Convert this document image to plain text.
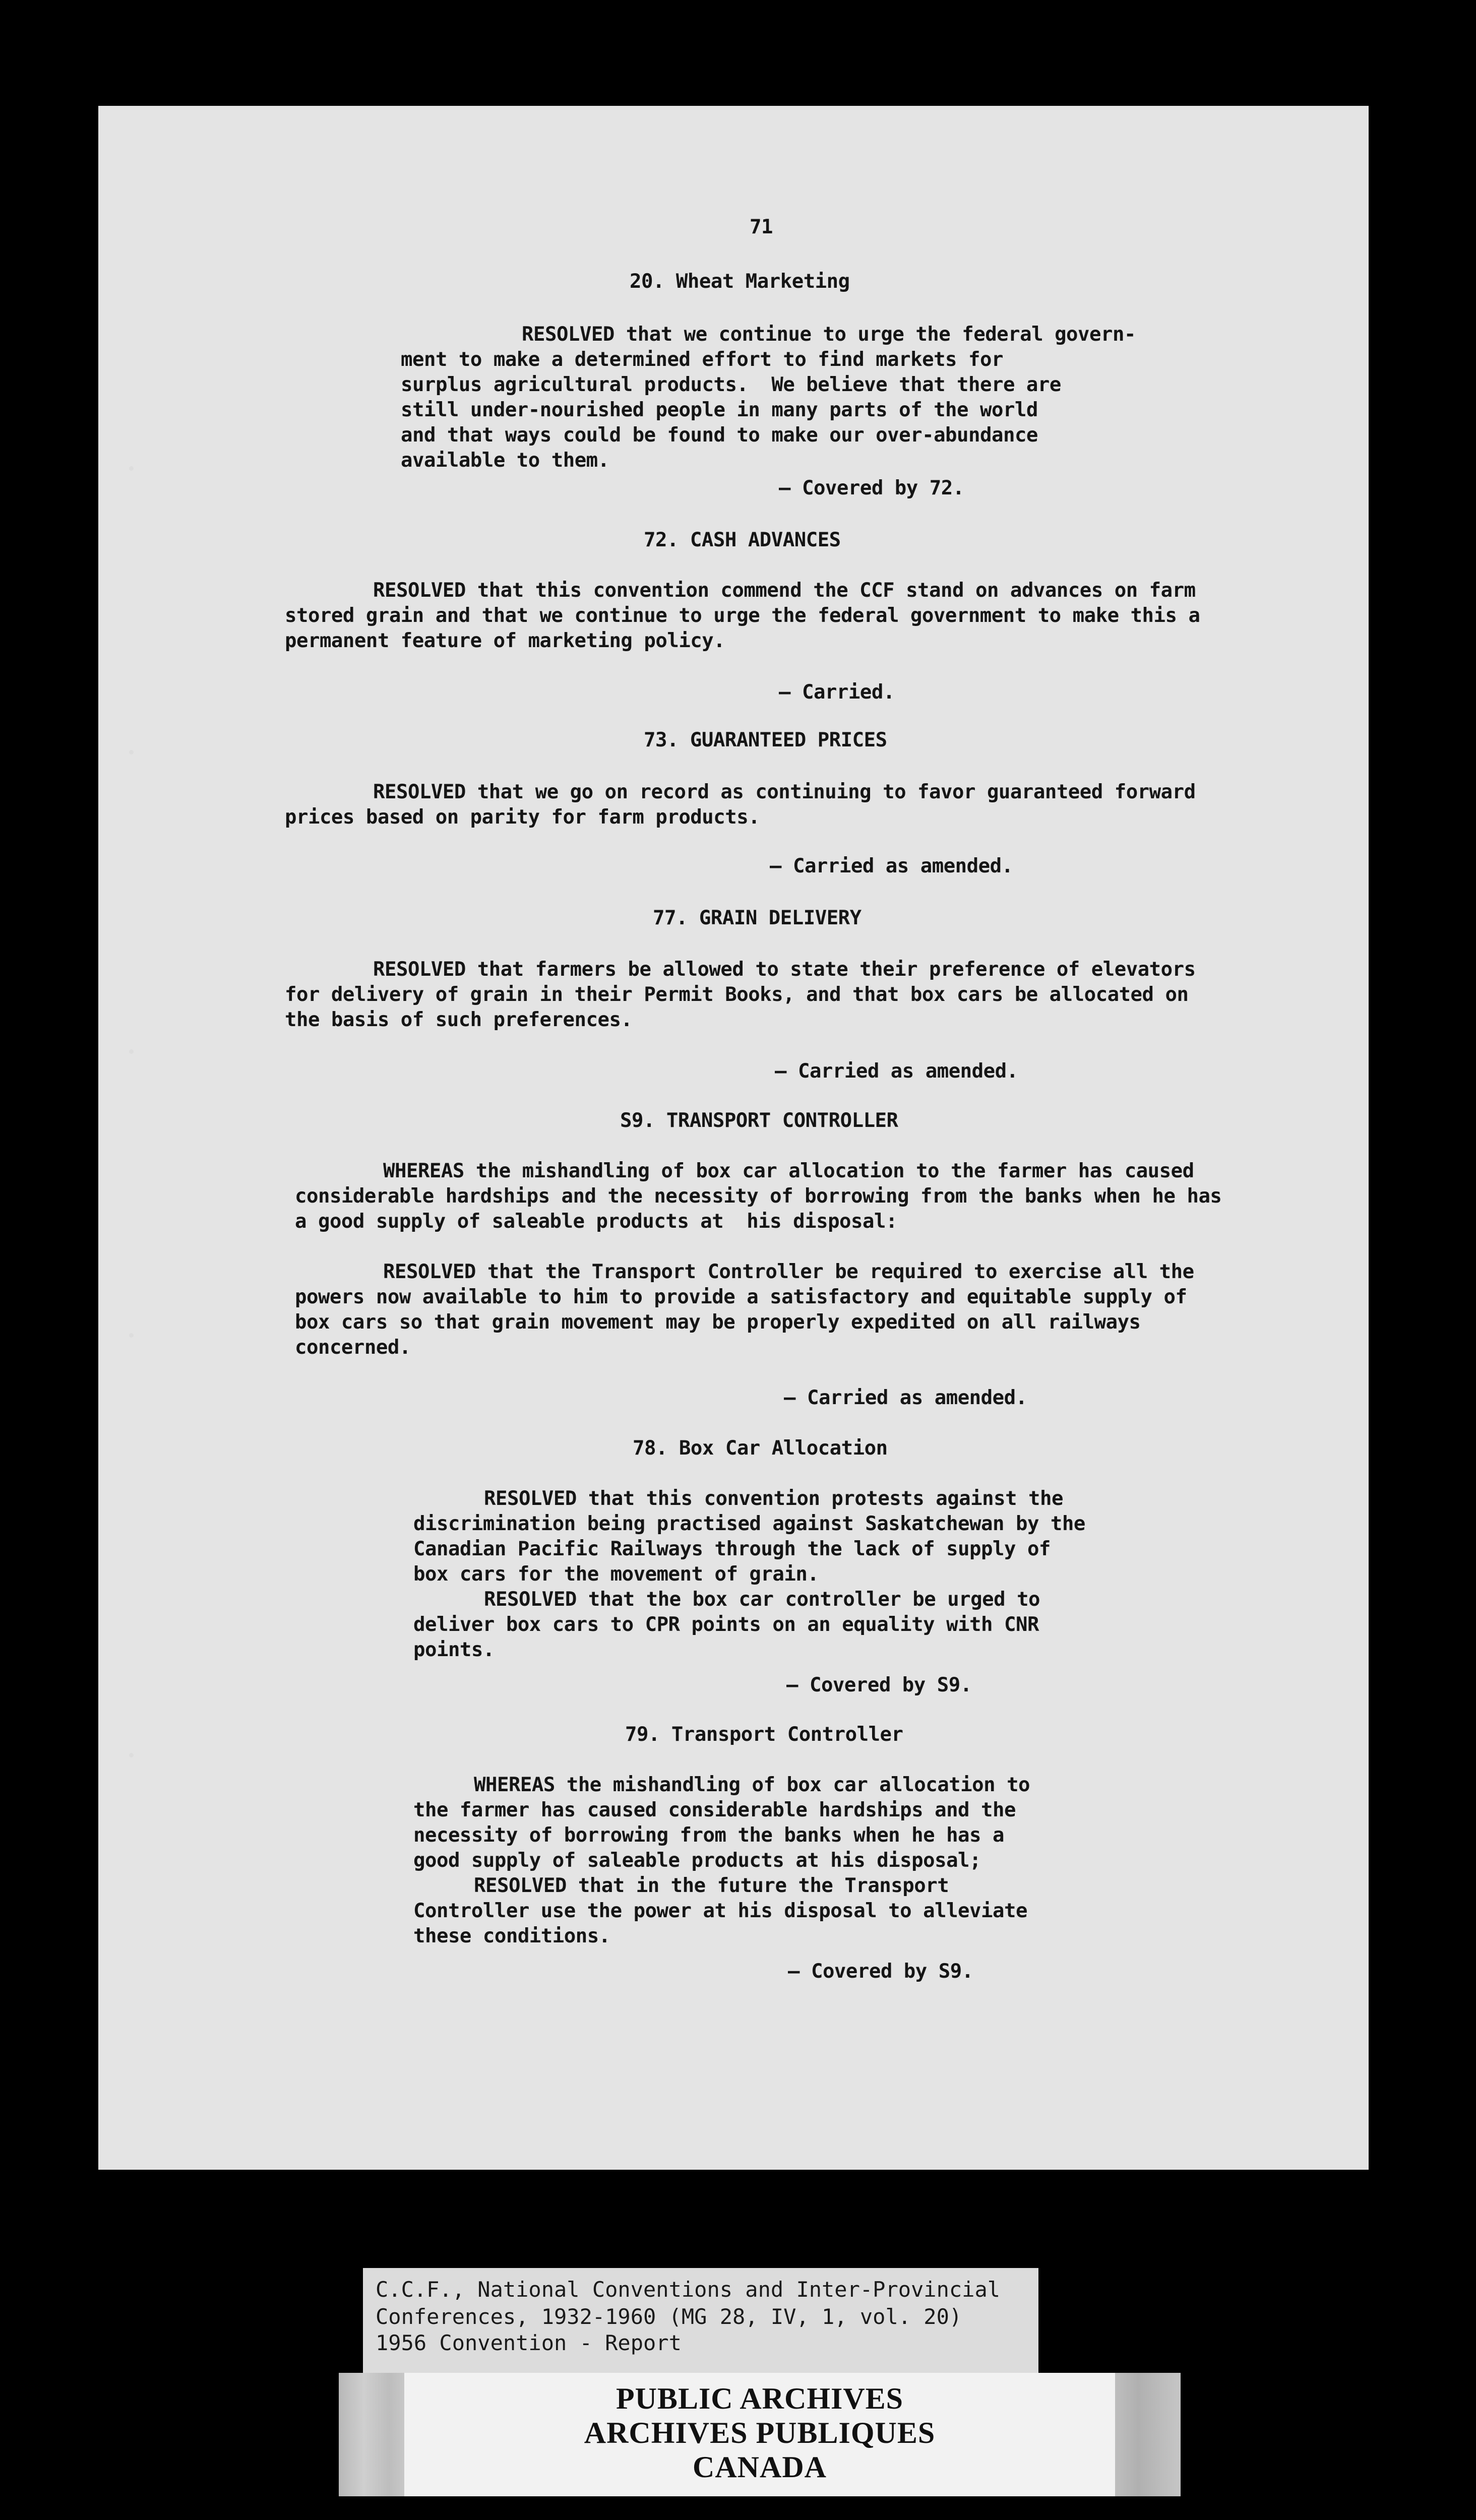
71
20. Wheat Marketing
RESOLVED that we continue to urge the federal govern-
ment to make a determined effort to find markets for
surplus agricultural products.  We believe that there are
still under-nourished people in many parts of the world
and that ways could be found to make our over-abundance
available to them.
— Covered by 72.
72. CASH ADVANCES
RESOLVED that this convention commend the CCF stand on advances on farm
stored grain and that we continue to urge the federal government to make this a
permanent feature of marketing policy.
— Carried.
73. GUARANTEED PRICES
RESOLVED that we go on record as continuing to favor guaranteed forward
prices based on parity for farm products.
— Carried as amended.
77. GRAIN DELIVERY
RESOLVED that farmers be allowed to state their preference of elevators
for delivery of grain in their Permit Books, and that box cars be allocated on
the basis of such preferences.
— Carried as amended.
S9. TRANSPORT CONTROLLER
WHEREAS the mishandling of box car allocation to the farmer has caused
considerable hardships and the necessity of borrowing from the banks when he has
a good supply of saleable products at  his disposal:
RESOLVED that the Transport Controller be required to exercise all the
powers now available to him to provide a satisfactory and equitable supply of
box cars so that grain movement may be properly expedited on all railways
concerned.
— Carried as amended.
78. Box Car Allocation
RESOLVED that this convention protests against the
discrimination being practised against Saskatchewan by the
Canadian Pacific Railways through the lack of supply of
box cars for the movement of grain.
RESOLVED that the box car controller be urged to
deliver box cars to CPR points on an equality with CNR
points.
— Covered by S9.
79. Transport Controller
WHEREAS the mishandling of box car allocation to
the farmer has caused considerable hardships and the
necessity of borrowing from the banks when he has a
good supply of saleable products at his disposal;
RESOLVED that in the future the Transport
Controller use the power at his disposal to alleviate
these conditions.
— Covered by S9.
C.C.F., National Conventions and Inter-Provincial
Conferences, 1932-1960 (MG 28, IV, 1, vol. 20)
1956 Convention - Report
PUBLIC ARCHIVES
ARCHIVES PUBLIQUES
CANADA
